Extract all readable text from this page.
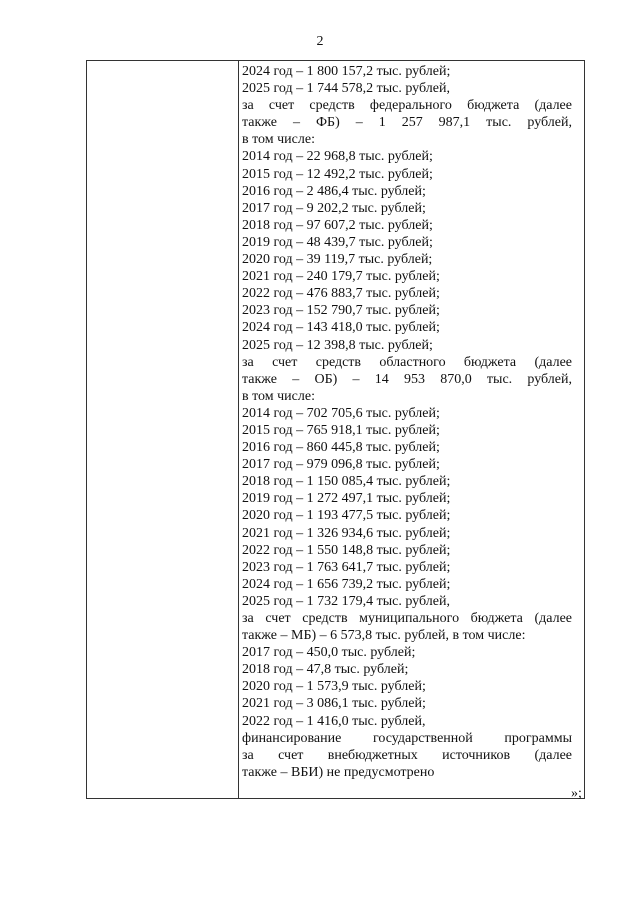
2
2024 год – 1 800 157,2 тыс. рублей;
2025 год – 1 744 578,2 тыс. рублей,
за счет средств федерального бюджета (далее
также – ФБ) – 1 257 987,1 тыс. рублей,
в том числе:
2014 год – 22 968,8 тыс. рублей;
2015 год – 12 492,2 тыс. рублей;
2016 год – 2 486,4 тыс. рублей;
2017 год – 9 202,2 тыс. рублей;
2018 год – 97 607,2 тыс. рублей;
2019 год – 48 439,7 тыс. рублей;
2020 год – 39 119,7 тыс. рублей;
2021 год – 240 179,7 тыс. рублей;
2022 год – 476 883,7 тыс. рублей;
2023 год – 152 790,7 тыс. рублей;
2024 год – 143 418,0 тыс. рублей;
2025 год – 12 398,8 тыс. рублей;
за счет средств областного бюджета (далее
также – ОБ) – 14 953 870,0 тыс. рублей,
в том числе:
2014 год – 702 705,6 тыс. рублей;
2015 год – 765 918,1 тыс. рублей;
2016 год – 860 445,8 тыс. рублей;
2017 год – 979 096,8 тыс. рублей;
2018 год – 1 150 085,4 тыс. рублей;
2019 год – 1 272 497,1 тыс. рублей;
2020 год – 1 193 477,5 тыс. рублей;
2021 год – 1 326 934,6 тыс. рублей;
2022 год – 1 550 148,8 тыс. рублей;
2023 год – 1 763 641,7 тыс. рублей;
2024 год – 1 656 739,2 тыс. рублей;
2025 год – 1 732 179,4 тыс. рублей,
за счет средств муниципального бюджета (далее
также – МБ) – 6 573,8 тыс. рублей, в том числе:
2017 год – 450,0 тыс. рублей;
2018 год – 47,8 тыс. рублей;
2020 год – 1 573,9 тыс. рублей;
2021 год – 3 086,1 тыс. рублей;
2022 год – 1 416,0 тыс. рублей,
финансирование государственной программы
за счет внебюджетных источников (далее
также – ВБИ) не предусмотрено
»;
